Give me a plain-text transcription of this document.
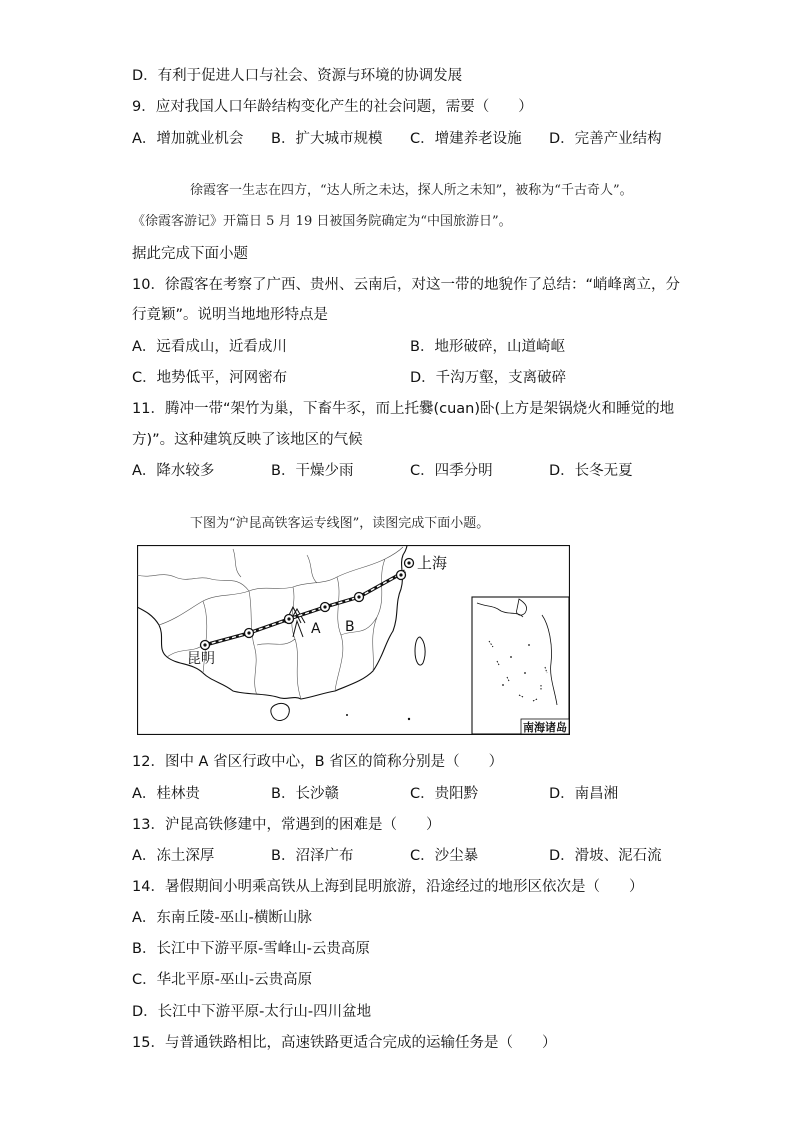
D．有利于促进人口与社会、资源与环境的协调发展
9．应对我国人口年龄结构变化产生的社会问题，需要（　　）
A．增加就业机会 B．扩大城市规模 C．增建养老设施 D．完善产业结构
徐霞客一生志在四方，“达人所之未达，探人所之未知”，被称为“千古奇人”。
《徐霞客游记》开篇日 5 月 19 日被国务院确定为“中国旅游日”。
据此完成下面小题
10．徐霞客在考察了广西、贵州、云南后，对这一带的地貌作了总结：“峭峰离立，分
行竟颖”。说明当地地形特点是
A．远看成山，近看成川	B．地形破碎，山道崎岖
C．地势低平，河网密布	D．千沟万壑，支离破碎
11．腾冲一带“架竹为巢，下畜牛豕，而上托爨(cuan)卧(上方是架锅烧火和睡觉的地
方)”。这种建筑反映了该地区的气候
A．降水较多	B．干燥少雨	C．四季分明	D．长冬无夏
下图为“沪昆高铁客运专线图”，读图完成下面小题。
上海
昆明
A B
南海诸岛
12．图中 A 省区行政中心，B 省区的简称分别是（　　）
A．桂林贵	B．长沙赣	C．贵阳黔	D．南昌湘
13．沪昆高铁修建中，常遇到的困难是（　　）
A．冻土深厚	B．沼泽广布	C．沙尘暴	D．滑坡、泥石流
14．暑假期间小明乘高铁从上海到昆明旅游，沿途经过的地形区依次是（　　）
A．东南丘陵-巫山-横断山脉
B．长江中下游平原-雪峰山-云贵高原
C．华北平原-巫山-云贵高原
D．长江中下游平原-太行山-四川盆地
15．与普通铁路相比，高速铁路更适合完成的运输任务是（　　）
